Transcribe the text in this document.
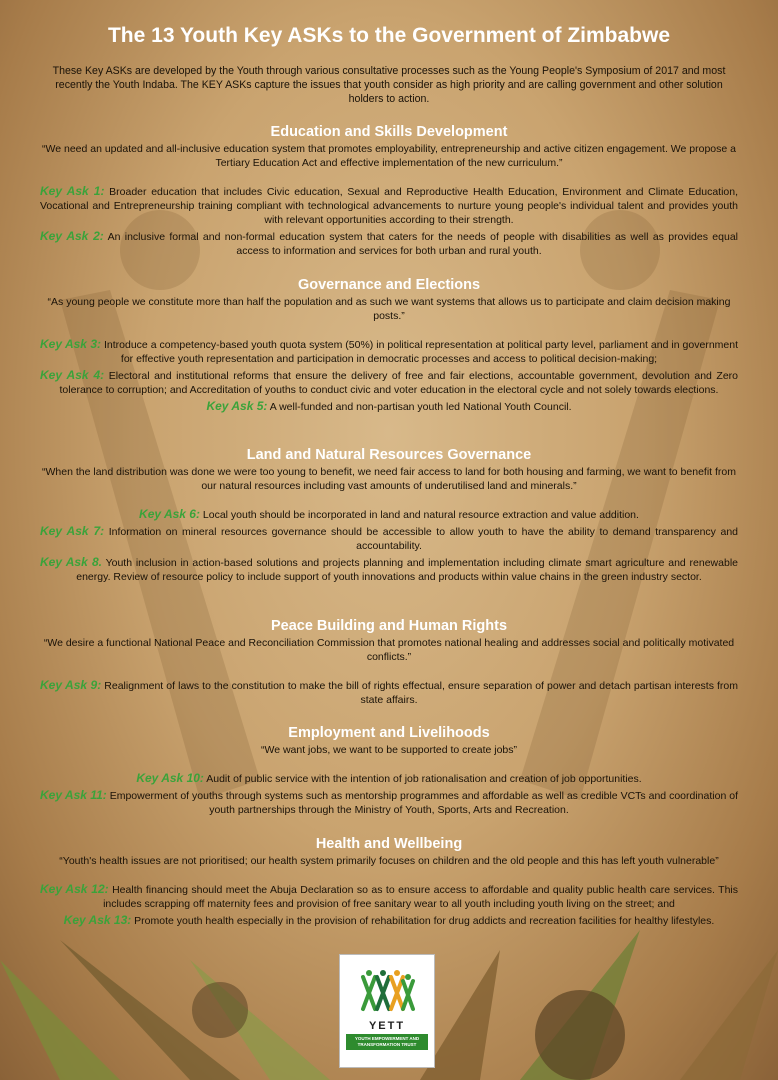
The 13 Youth Key ASKs to the Government of Zimbabwe
These Key ASKs are developed by the Youth through various consultative processes such as the Young People's Symposium of 2017 and most recently the Youth Indaba. The KEY ASKs capture the issues that youth consider as high priority and are calling government and other solution holders to action.
Education and Skills Development
“We need an updated and all-inclusive education system that promotes employability, entrepreneurship and active citizen engagement. We propose a Tertiary Education Act and effective implementation of the new curriculum.”
Key Ask 1: Broader education that includes Civic education, Sexual and Reproductive Health Education, Environment and Climate Education, Vocational and Entrepreneurship training compliant with technological advancements to nurture young people's individual talent and provides youth with relevant opportunities according to their strength.
Key Ask 2: An inclusive formal and non-formal education system that caters for the needs of people with disabilities as well as provides equal access to information and services for both urban and rural youth.
Governance and Elections
“As young people we constitute more than half the population and as such we want systems that allows us to participate and claim decision making posts.”
Key Ask 3: Introduce a competency-based youth quota system (50%) in political representation at political party level, parliament and in government for effective youth representation and participation in democratic processes and access to political decision-making;
Key Ask 4: Electoral and institutional reforms that ensure the delivery of free and fair elections, accountable government, devolution and Zero tolerance to corruption; and Accreditation of youths to conduct civic and voter education in the electoral cycle and not solely towards elections.
Key Ask 5: A well-funded and non-partisan youth led National Youth Council.
Land and Natural Resources Governance
“When the land distribution was done we were too young to benefit, we need fair access to land for both housing and farming, we want to benefit from our natural resources including vast amounts of underutilised land and minerals.”
Key Ask 6: Local youth should be incorporated in land and natural resource extraction and value addition.
Key Ask 7: Information on mineral resources governance should be accessible to allow youth to have the ability to demand transparency and accountability.
Key Ask 8. Youth inclusion in action-based solutions and projects planning and implementation including climate smart agriculture and renewable energy. Review of resource policy to include support of youth innovations and products within value chains in the green industry sector.
Peace Building and Human Rights
“We desire a functional National Peace and Reconciliation Commission that promotes national healing and addresses social and politically motivated conflicts.”
Key Ask 9: Realignment of laws to the constitution to make the bill of rights effectual, ensure separation of power and detach partisan interests from state affairs.
Employment and Livelihoods
“We want jobs, we want to be supported to create jobs”
Key Ask 10: Audit of public service with the intention of job rationalisation and creation of job opportunities.
Key Ask 11: Empowerment of youths through systems such as mentorship programmes and affordable as well as credible VCTs and coordination of youth partnerships through the Ministry of Youth, Sports, Arts and Recreation.
Health and Wellbeing
“Youth's health issues are not prioritised; our health system primarily focuses on children and the old people and this has left youth vulnerable”
Key Ask 12: Health financing should meet the Abuja Declaration so as to ensure access to affordable and quality public health care services. This includes scrapping off maternity fees and provision of free sanitary wear to all youth including youth living on the street; and
Key Ask 13: Promote youth health especially in the provision of rehabilitation for drug addicts and recreation facilities for healthy lifestyles.
YETT
YOUTH EMPOWERMENT AND TRANSFORMATION TRUST
